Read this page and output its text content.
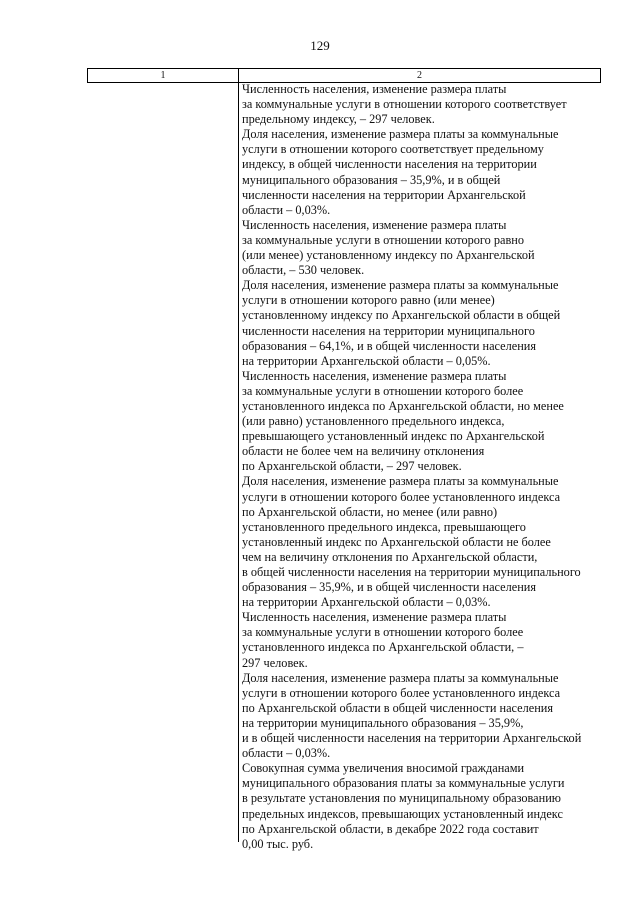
129
1	2
Численность населения, изменение размера платы
за коммунальные услуги в отношении которого соответствует
предельному индексу, – 297 человек.
Доля населения, изменение размера платы за коммунальные
услуги в отношении которого соответствует предельному
индексу, в общей численности населения на территории
муниципального образования – 35,9%, и в общей
численности населения на территории Архангельской
области – 0,03%.
Численность населения, изменение размера платы
за коммунальные услуги в отношении которого равно
(или менее) установленному индексу по Архангельской
области, – 530 человек.
Доля населения, изменение размера платы за коммунальные
услуги в отношении которого равно (или менее)
установленному индексу по Архангельской области в общей
численности населения на территории муниципального
образования – 64,1%, и в общей численности населения
на территории Архангельской области – 0,05%.
Численность населения, изменение размера платы
за коммунальные услуги в отношении которого более
установленного индекса по Архангельской области, но менее
(или равно) установленного предельного индекса,
превышающего установленный индекс по Архангельской
области не более чем на величину отклонения
по Архангельской области, – 297 человек.
Доля населения, изменение размера платы за коммунальные
услуги в отношении которого более установленного индекса
по Архангельской области, но менее (или равно)
установленного предельного индекса, превышающего
установленный индекс по Архангельской области не более
чем на величину отклонения по Архангельской области,
в общей численности населения на территории муниципального
образования – 35,9%, и в общей численности населения
на территории Архангельской области – 0,03%.
Численность населения, изменение размера платы
за коммунальные услуги в отношении которого более
установленного индекса по Архангельской области, –
297 человек.
Доля населения, изменение размера платы за коммунальные
услуги в отношении которого более установленного индекса
по Архангельской области в общей численности населения
на территории муниципального образования – 35,9%,
и в общей численности населения на территории Архангельской
области – 0,03%.
Совокупная сумма увеличения вносимой гражданами
муниципального образования платы за коммунальные услуги
в результате установления по муниципальному образованию
предельных индексов, превышающих установленный индекс
по Архангельской области, в декабре 2022 года составит
0,00 тыс. руб.
